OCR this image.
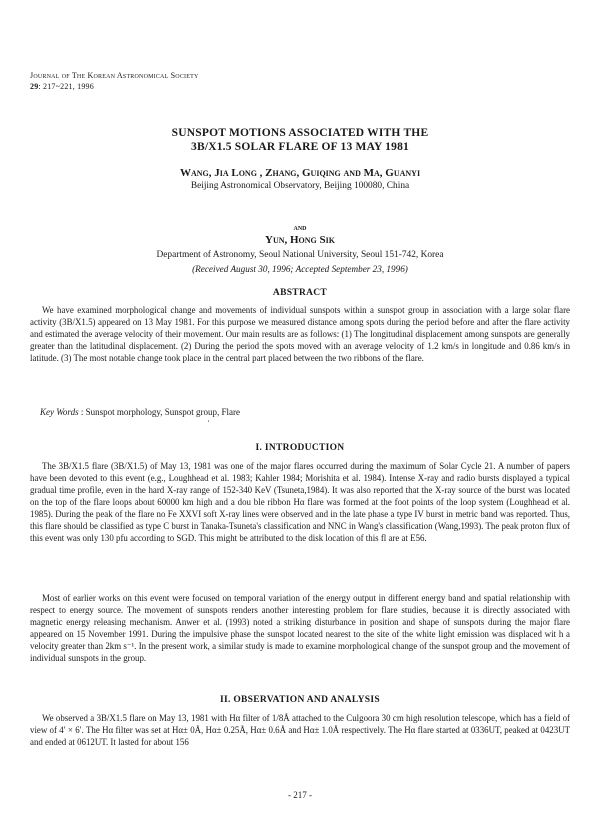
Journal of The Korean Astronomical Society
29: 217~221, 1996
SUNSPOT MOTIONS ASSOCIATED WITH THE
3B/X1.5 SOLAR FLARE OF 13 MAY 1981
Wang, Jia Long , Zhang, Guiqing and Ma, Guanyi
Beijing Astronomical Observatory, Beijing 100080, China
and
Yun, Hong Sik
Department of Astronomy, Seoul National University, Seoul 151-742, Korea
(Received August 30, 1996; Accepted September 23, 1996)
ABSTRACT

We have examined morphological change and movements of individual sunspots within a sunspot group in association with a large solar flare activity (3B/X1.5) appeared on 13 May 1981. For this purpose we measured distance among spots during the period before and after the flare activity and estimated the average velocity of their movement. Our main results are as follows: (1) The longitudinal displacement among sunspots are generally greater than the latitudinal displacement. (2) During the period the spots moved with an average velocity of 1.2 km/s in longitude and 0.86 km/s in latitude. (3) The most notable change took place in the central part placed between the two ribbons of the flare.

Key Words : Sunspot morphology, Sunspot group, Flare
I. INTRODUCTION

The 3B/X1.5 flare (3B/X1.5) of May 13, 1981 was one of the major flares occurred during the maximum of Solar Cycle 21. A number of papers have been devoted to this event (e.g., Loughhead et al. 1983; Kahler 1984; Morishita et al. 1984). Intense X-ray and radio bursts displayed a typical gradual time profile, even in the hard X-ray range of 152-340 KeV (Tsuneta,1984). It was also reported that the X-ray source of the burst was located on the top of the flare loops about 60000 km high and a dou ble ribbon Hα flare was formed at the foot points of the loop system (Loughhead et al. 1985). During the peak of the flare no Fe XXVI soft X-ray lines were observed and in the late phase a type IV burst in metric band was reported. Thus, this flare should be classified as type C burst in Tanaka-Tsuneta's classification and NNC in Wang's classification (Wang,1993). The peak proton flux of this event was only 130 pfu according to SGD. This might be attributed to the disk location of this fl are at E56.

Most of earlier works on this event were focused on temporal variation of the energy output in different energy band and spatial relationship with respect to energy source. The movement of sunspots renders another interesting problem for flare studies, because it is directly associated with magnetic energy releasing mechanism. Anwer et al. (1993) noted a striking disturbance in position and shape of sunspots during the major flare appeared on 15 November 1991. During the impulsive phase the sunspot located nearest to the site of the white light emission was displaced wit h a velocity greater than 2km s⁻¹. In the present work, a similar study is made to examine morphological change of the sunspot group and the movement of individual sunspots in the group.

II. OBSERVATION AND ANALYSIS

We observed a 3B/X1.5 flare on May 13, 1981 with Hα filter of 1/8Å attached to the Culgoora 30 cm high resolution telescope, which has a field of view of 4′ × 6′. The Hα filter was set at Hα± 0Å, Hα± 0.25Å, Hα± 0.6Å and Hα± 1.0Å respectively. The Hα flare started at 0336UT, peaked at 0423UT and ended at 0612UT. It lasted for about 156

- 217 -
